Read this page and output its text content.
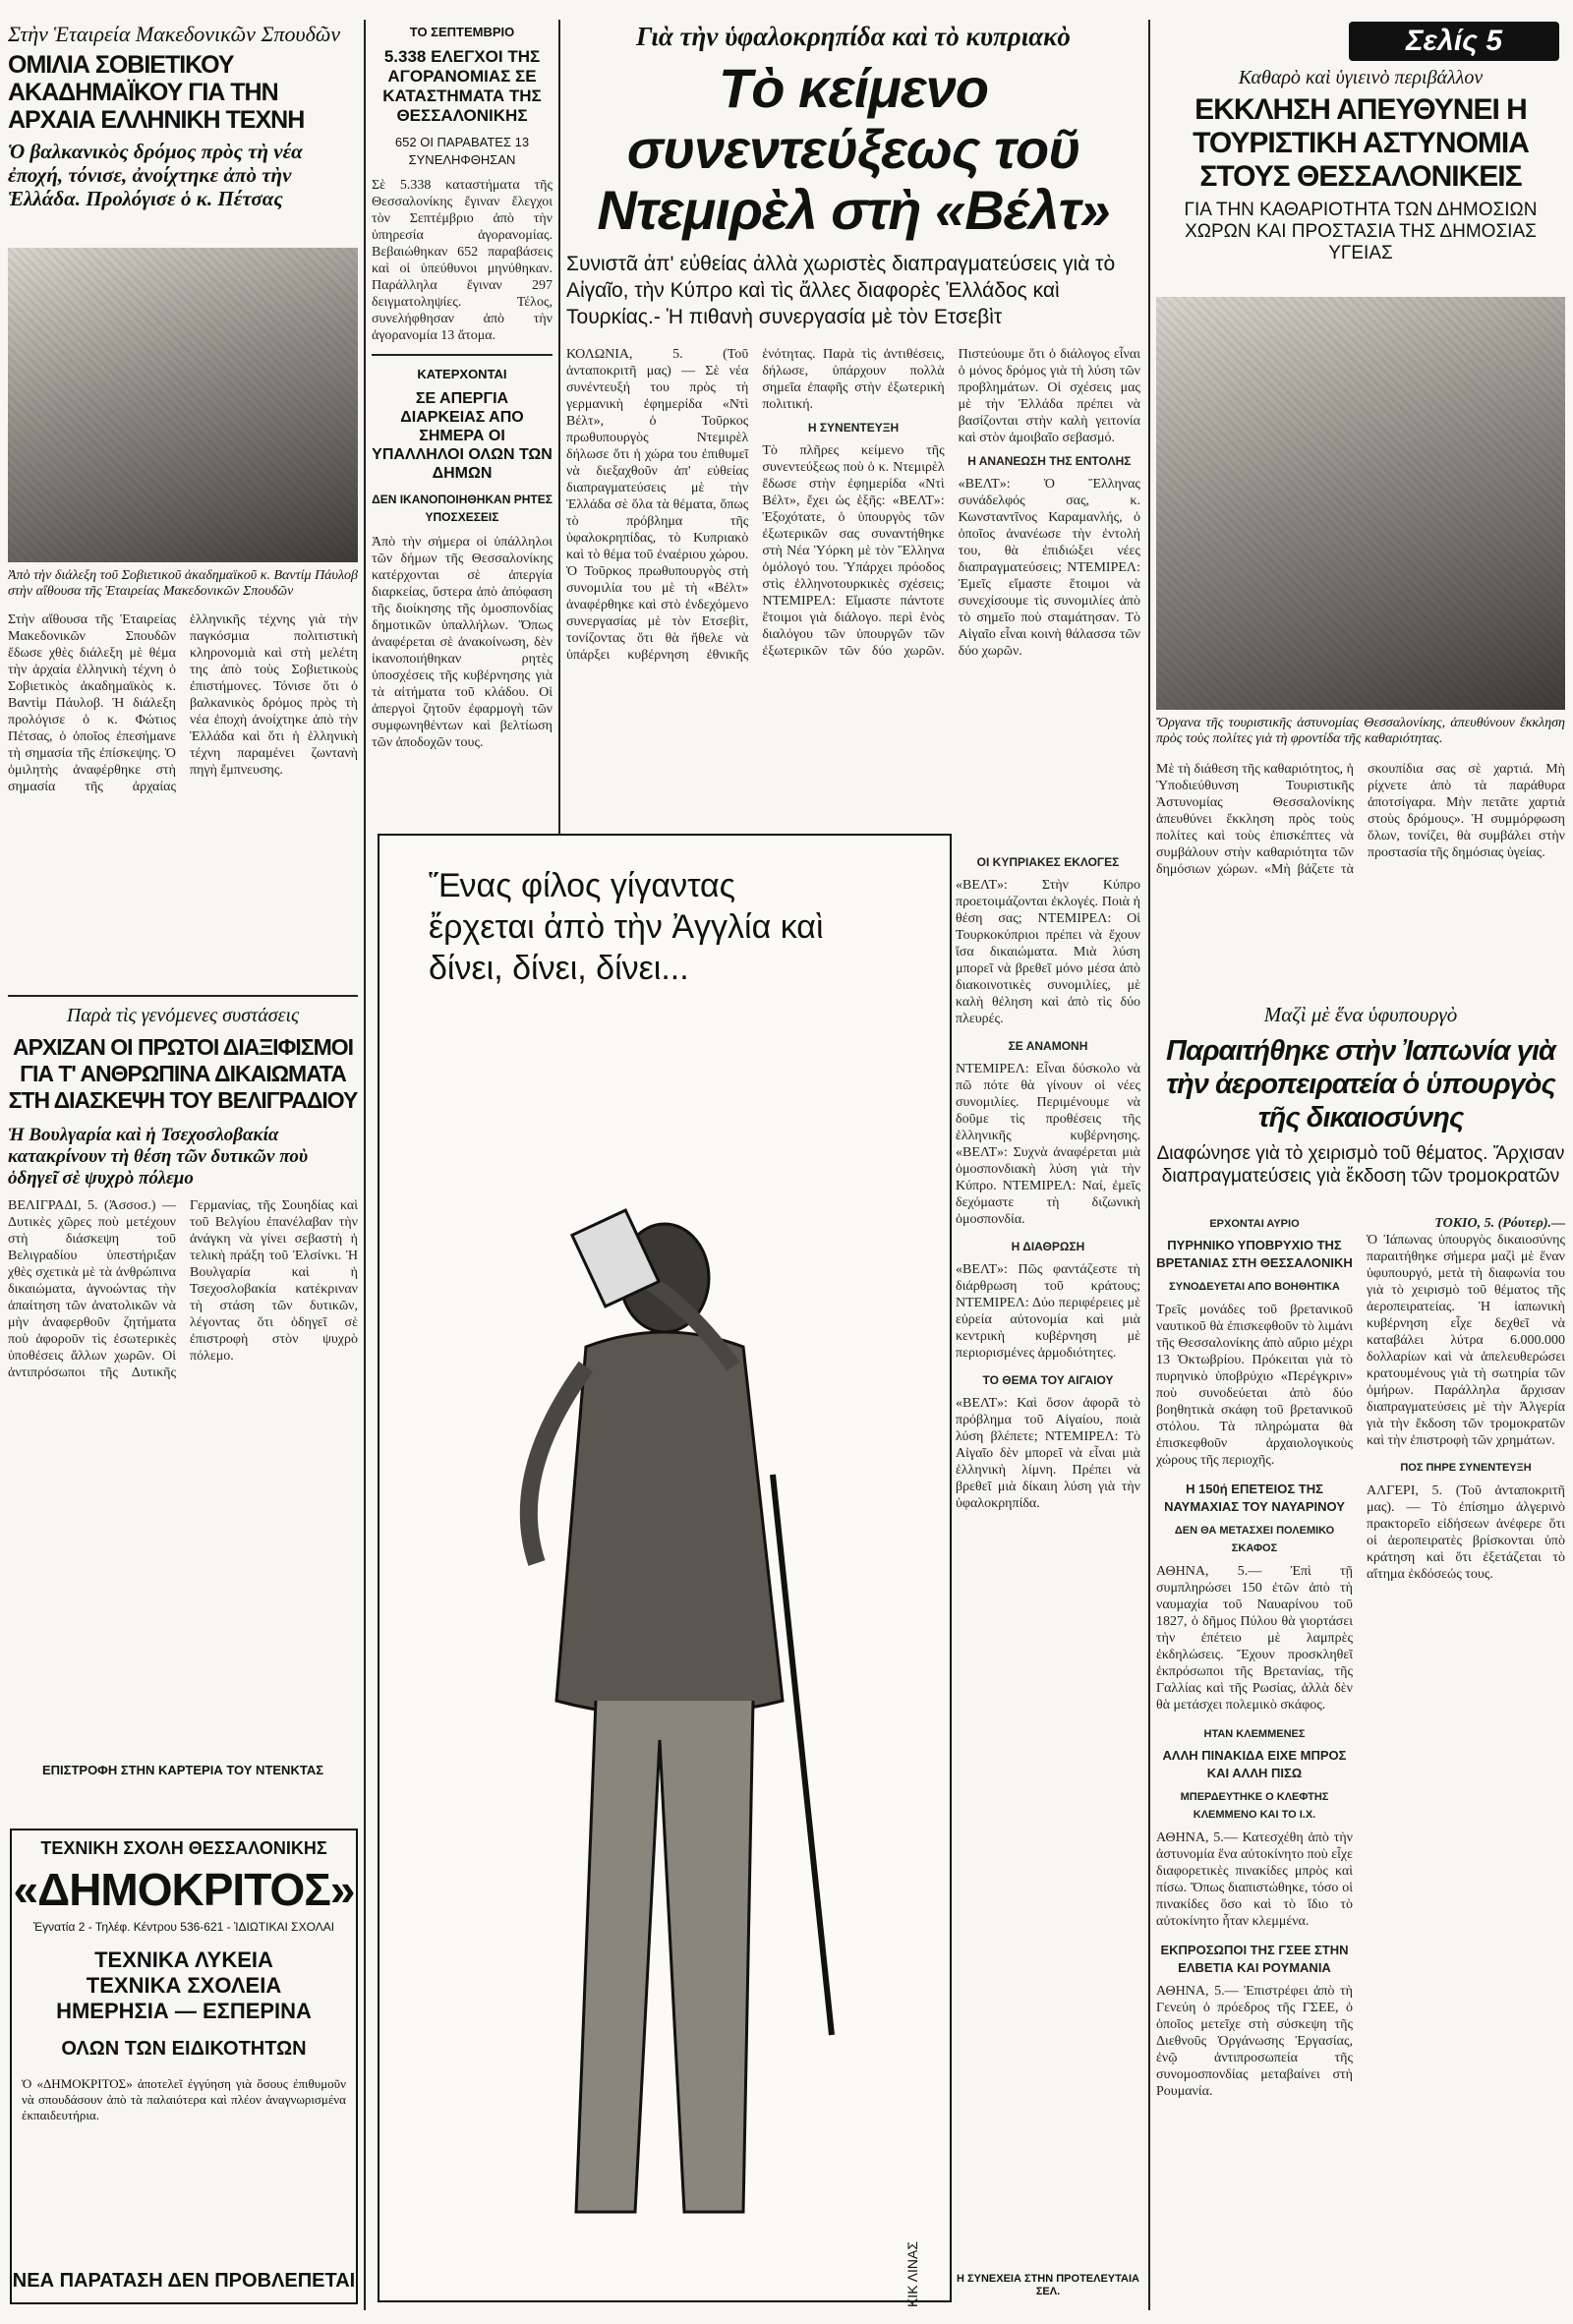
Σελίς 5
Στὴν Ἑταιρεία Μακεδονικῶν Σπουδῶν
ΟΜΙΛΙΑ ΣΟΒΙΕΤΙΚΟΥ ΑΚΑΔΗΜΑΪΚΟΥ ΓΙΑ ΤΗΝ ΑΡΧΑΙΑ ΕΛΛΗΝΙΚΗ ΤΕΧΝΗ
Ὁ βαλκανικὸς δρόμος πρὸς τὴ νέα ἐποχή, τόνισε, ἀνοίχτηκε ἀπὸ τὴν Ἑλλάδα. Προλόγισε ὁ κ. Πέτσας
Ἀπὸ τὴν διάλεξη τοῦ Σοβιετικοῦ ἀκαδημαϊκοῦ κ. Βαντίμ Πάυλοβ στὴν αἴθουσα τῆς Ἑταιρείας Μακεδονικῶν Σπουδῶν
Στὴν αἴθουσα τῆς Ἑταιρείας Μακεδονικῶν Σπουδῶν ἔδωσε χθὲς διάλεξη μὲ θέμα τὴν ἀρχαία ἑλληνικὴ τέχνη ὁ Σοβιετικὸς ἀκαδημαϊκὸς κ. Βαντὶμ Πάυλοβ. Ἡ διάλεξη προλόγισε ὁ κ. Φώτιος Πέτσας, ὁ ὁποῖος ἐπεσήμανε τὴ σημασία τῆς ἐπίσκεψης. Ὁ ὁμιλητὴς ἀναφέρθηκε στὴ σημασία τῆς ἀρχαίας ἑλληνικῆς τέχνης γιὰ τὴν παγκόσμια πολιτιστικὴ κληρονομιὰ καὶ στὴ μελέτη της ἀπὸ τοὺς Σοβιετικοὺς ἐπιστήμονες. Τόνισε ὅτι ὁ βαλκανικὸς δρόμος πρὸς τὴ νέα ἐποχὴ ἀνοίχτηκε ἀπὸ τὴν Ἑλλάδα καὶ ὅτι ἡ ἑλληνικὴ τέχνη παραμένει ζωντανὴ πηγὴ ἔμπνευσης.
Παρὰ τὶς γενόμενες συστάσεις
ΑΡΧΙΖΑΝ ΟΙ ΠΡΩΤΟΙ ΔΙΑΞΙΦΙΣΜΟΙ ΓΙΑ Τ' ΑΝΘΡΩΠΙΝΑ ΔΙΚΑΙΩΜΑΤΑ ΣΤΗ ΔΙΑΣΚΕΨΗ ΤΟΥ ΒΕΛΙΓΡΑΔΙΟΥ
Ἡ Βουλγαρία καὶ ἡ Τσεχοσλοβακία κατακρίνουν τὴ θέση τῶν δυτικῶν ποὺ ὁδηγεῖ σὲ ψυχρὸ πόλεμο
ΒΕΛΙΓΡΑΔΙ, 5. (Ἀσσοσ.) — Δυτικὲς χῶρες ποὺ μετέχουν στὴ διάσκεψη τοῦ Βελιγραδίου ὑπεστήριξαν χθὲς σχετικὰ μὲ τὰ ἀνθρώπινα δικαιώματα, ἀγνοώντας τὴν ἀπαίτηση τῶν ἀνατολικῶν νὰ μὴν ἀναφερθοῦν ζητήματα ποὺ ἀφοροῦν τὶς ἐσωτερικὲς ὑποθέσεις ἄλλων χωρῶν. Οἱ ἀντιπρόσωποι τῆς Δυτικῆς Γερμανίας, τῆς Σουηδίας καὶ τοῦ Βελγίου ἐπανέλαβαν τὴν ἀνάγκη νὰ γίνει σεβαστὴ ἡ τελικὴ πράξη τοῦ Ἑλσίνκι. Ἡ Βουλγαρία καὶ ἡ Τσεχοσλοβακία κατέκριναν τὴ στάση τῶν δυτικῶν, λέγοντας ὅτι ὁδηγεῖ σὲ ἐπιστροφὴ στὸν ψυχρὸ πόλεμο.
ΕΠΙΣΤΡΟΦΗ ΣΤΗΝ ΚΑΡΤΕΡΙΑ ΤΟΥ ΝΤΕΝΚΤΑΣ
ΤΕΧΝΙΚΗ ΣΧΟΛΗ ΘΕΣΣΑΛΟΝΙΚΗΣ
«ΔΗΜΟΚΡΙΤΟΣ»
Ἐγνατία 2 - Τηλέφ. Κέντρου 536-621 - ἸΔΙΩΤΙΚΑΙ ΣΧΟΛΑΙ
ΤΕΧΝΙΚΑ ΛΥΚΕΙΑ
ΤΕΧΝΙΚΑ ΣΧΟΛΕΙΑ
ΗΜΕΡΗΣΙΑ — ΕΣΠΕΡΙΝΑ
ΟΛΩΝ ΤΩΝ ΕΙΔΙΚΟΤΗΤΩΝ
Ὁ «ΔΗΜΟΚΡΙΤΟΣ» ἀποτελεῖ ἐγγύηση γιὰ ὅσους ἐπιθυμοῦν νὰ σπουδάσουν ἀπὸ τὰ παλαιότερα καὶ πλέον ἀναγνωρισμένα ἐκπαιδευτήρια.
ΝΕΑ ΠΑΡΑΤΑΣΗ ΔΕΝ ΠΡΟΒΛΕΠΕΤΑΙ
ΤΟ ΣΕΠΤΕΜΒΡΙΟ
5.338 ΕΛΕΓΧΟΙ ΤΗΣ ΑΓΟΡΑΝΟΜΙΑΣ ΣΕ ΚΑΤΑΣΤΗΜΑΤΑ ΤΗΣ ΘΕΣΣΑΛΟΝΙΚΗΣ
652 ΟΙ ΠΑΡΑΒΑΤΕΣ 13 ΣΥΝΕΛΗΦΘΗΣΑΝ
Σὲ 5.338 καταστήματα τῆς Θεσσαλονίκης ἔγιναν ἔλεγχοι τὸν Σεπτέμβριο ἀπὸ τὴν ὑπηρεσία ἀγορανομίας. Βεβαιώθηκαν 652 παραβάσεις καὶ οἱ ὑπεύθυνοι μηνύθηκαν. Παράλληλα ἔγιναν 297 δειγματοληψίες. Τέλος, συνελήφθησαν ἀπὸ τὴν ἀγορανομία 13 ἄτομα.
ΚΑΤΕΡΧΟΝΤΑΙ
ΣΕ ΑΠΕΡΓΙΑ ΔΙΑΡΚΕΙΑΣ ΑΠΟ ΣΗΜΕΡΑ ΟΙ ΥΠΑΛΛΗΛΟΙ ΟΛΩΝ ΤΩΝ ΔΗΜΩΝ
ΔΕΝ ΙΚΑΝΟΠΟΙΗΘΗΚΑΝ ΡΗΤΕΣ ΥΠΟΣΧΕΣΕΙΣ
Ἀπὸ τὴν σήμερα οἱ ὑπάλληλοι τῶν δήμων τῆς Θεσσαλονίκης κατέρχονται σὲ ἀπεργία διαρκείας, ὕστερα ἀπὸ ἀπόφαση τῆς διοίκησης τῆς ὁμοσπονδίας δημοτικῶν ὑπαλλήλων. Ὅπως ἀναφέρεται σὲ ἀνακοίνωση, δὲν ἱκανοποιήθηκαν ρητὲς ὑποσχέσεις τῆς κυβέρνησης γιὰ τὰ αἰτήματα τοῦ κλάδου. Οἱ ἀπεργοὶ ζητοῦν ἐφαρμογὴ τῶν συμφωνηθέντων καὶ βελτίωση τῶν ἀποδοχῶν τους.
Γιὰ τὴν ὑφαλοκρηπίδα καὶ τὸ κυπριακὸ
Τὸ κείμενο συνεντεύξεως τοῦ Ντεμιρὲλ στὴ «Βέλτ»
Συνιστᾶ ἀπ' εὐθείας ἀλλὰ χωριστὲς διαπραγματεύσεις γιὰ τὸ Αἰγαῖο, τὴν Κύπρο καὶ τὶς ἄλλες διαφορὲς Ἑλλάδος καὶ Τουρκίας.- Ἡ πιθανὴ συνεργασία μὲ τὸν Ετσεβὶτ
ΚΟΛΩΝΙΑ, 5. (Τοῦ ἀνταποκριτῆ μας) — Σὲ νέα συνέντευξή του πρὸς τὴ γερμανικὴ ἐφημερίδα «Ντὶ Βέλτ», ὁ Τοῦρκος πρωθυπουργὸς Ντεμιρὲλ δήλωσε ὅτι ἡ χώρα του ἐπιθυμεῖ νὰ διεξαχθοῦν ἀπ' εὐθείας διαπραγματεύσεις μὲ τὴν Ἑλλάδα σὲ ὅλα τὰ θέματα, ὅπως τὸ πρόβλημα τῆς ὑφαλοκρηπίδας, τὸ Κυπριακὸ καὶ τὸ θέμα τοῦ ἐναέριου χώρου. Ὁ Τοῦρκος πρωθυπουργὸς στὴ συνομιλία του μὲ τὴ «Βέλτ» ἀναφέρθηκε καὶ στὸ ἐνδεχόμενο συνεργασίας μὲ τὸν Ετσεβὶτ, τονίζοντας ὅτι θὰ ἤθελε νὰ ὑπάρξει κυβέρνηση ἐθνικῆς ἑνότητας. Παρὰ τὶς ἀντιθέσεις, δήλωσε, ὑπάρχουν πολλὰ σημεῖα ἐπαφῆς στὴν ἐξωτερικὴ πολιτική.
Η ΣΥΝΕΝΤΕΥΞΗ
Τὸ πλῆρες κείμενο τῆς συνεντεύξεως ποὺ ὁ κ. Ντεμιρὲλ ἔδωσε στὴν ἐφημερίδα «Ντὶ Βέλτ», ἔχει ὡς ἑξῆς: «ΒΕΛΤ»: Ἐξοχότατε, ὁ ὑπουργὸς τῶν ἐξωτερικῶν σας συναντήθηκε στὴ Νέα Ὑόρκη μὲ τὸν Ἕλληνα ὁμόλογό του. Ὑπάρχει πρόοδος στὶς ἑλληνοτουρκικὲς σχέσεις; ΝΤΕΜΙΡΕΛ: Εἴμαστε πάντοτε ἕτοιμοι γιὰ διάλογο. περὶ ἑνὸς διαλόγου τῶν ὑπουργῶν τῶν ἐξωτερικῶν τῶν δύο χωρῶν. Πιστεύουμε ὅτι ὁ διάλογος εἶναι ὁ μόνος δρόμος γιὰ τὴ λύση τῶν προβλημάτων. Οἱ σχέσεις μας μὲ τὴν Ἑλλάδα πρέπει νὰ βασίζονται στὴν καλὴ γειτονία καὶ στὸν ἀμοιβαῖο σεβασμό.
Η ΑΝΑΝΕΩΣΗ ΤΗΣ ΕΝΤΟΛΗΣ
«ΒΕΛΤ»: Ὁ Ἕλληνας συνάδελφός σας, κ. Κωνσταντῖνος Καραμανλής, ὁ ὁποῖος ἀνανέωσε τὴν ἐντολή του, θὰ ἐπιδιώξει νέες διαπραγματεύσεις; ΝΤΕΜΙΡΕΛ: Ἐμεῖς εἴμαστε ἕτοιμοι νὰ συνεχίσουμε τὶς συνομιλίες ἀπὸ τὸ σημεῖο ποὺ σταμάτησαν. Τὸ Αἰγαῖο εἶναι κοινὴ θάλασσα τῶν δύο χωρῶν.
ΟΙ ΚΥΠΡΙΑΚΕΣ ΕΚΛΟΓΕΣ
«ΒΕΛΤ»: Στὴν Κύπρο προετοιμάζονται ἐκλογές. Ποιὰ ἡ θέση σας; ΝΤΕΜΙΡΕΛ: Οἱ Τουρκοκύπριοι πρέπει νὰ ἔχουν ἴσα δικαιώματα. Μιὰ λύση μπορεῖ νὰ βρεθεῖ μόνο μέσα ἀπὸ διακοινοτικὲς συνομιλίες, μὲ καλὴ θέληση καὶ ἀπὸ τὶς δύο πλευρές.
ΣΕ ΑΝΑΜΟΝΗ
ΝΤΕΜΙΡΕΛ: Εἶναι δύσκολο νὰ πῶ πότε θὰ γίνουν οἱ νέες συνομιλίες. Περιμένουμε νὰ δοῦμε τὶς προθέσεις τῆς ἑλληνικῆς κυβέρνησης. «ΒΕΛΤ»: Συχνὰ ἀναφέρεται μιὰ ὁμοσπονδιακὴ λύση γιὰ τὴν Κύπρο. ΝΤΕΜΙΡΕΛ: Ναί, ἐμεῖς δεχόμαστε τὴ διζωνικὴ ὁμοσπονδία.
Η ΔΙΑΘΡΩΣΗ
«ΒΕΛΤ»: Πῶς φαντάζεστε τὴ διάρθρωση τοῦ κράτους; ΝΤΕΜΙΡΕΛ: Δύο περιφέρειες μὲ εὐρεία αὐτονομία καὶ μιὰ κεντρικὴ κυβέρνηση μὲ περιορισμένες ἁρμοδιότητες.
ΤΟ ΘΕΜΑ ΤΟΥ ΑΙΓΑΙΟΥ
«ΒΕΛΤ»: Καὶ ὅσον ἀφορᾶ τὸ πρόβλημα τοῦ Αἰγαίου, ποιὰ λύση βλέπετε; ΝΤΕΜΙΡΕΛ: Τὸ Αἰγαῖο δὲν μπορεῖ νὰ εἶναι μιὰ ἑλληνικὴ λίμνη. Πρέπει νὰ βρεθεῖ μιὰ δίκαιη λύση γιὰ τὴν ὑφαλοκρηπίδα.
Η ΣΥΝΕΧΕΙΑ ΣΤΗΝ ΠΡΟΤΕΛΕΥΤΑΙΑ ΣΕΛ.
Ἕνας φίλος γίγαντας ἔρχεται ἀπὸ τὴν Ἀγγλία καὶ δίνει, δίνει, δίνει...
ΚΙΚ ΛΙΝΑΣ
Καθαρὸ καὶ ὑγιεινὸ περιβάλλον
ΕΚΚΛΗΣΗ ΑΠΕΥΘΥΝΕΙ Η ΤΟΥΡΙΣΤΙΚΗ ΑΣΤΥΝΟΜΙΑ ΣΤΟΥΣ ΘΕΣΣΑΛΟΝΙΚΕΙΣ
ΓΙΑ ΤΗΝ ΚΑΘΑΡΙΟΤΗΤΑ ΤΩΝ ΔΗΜΟΣΙΩΝ ΧΩΡΩΝ ΚΑΙ ΠΡΟΣΤΑΣΙΑ ΤΗΣ ΔΗΜΟΣΙΑΣ ΥΓΕΙΑΣ
Ὄργανα τῆς τουριστικῆς ἀστυνομίας Θεσσαλονίκης, ἀπευθύνουν ἔκκληση πρὸς τοὺς πολίτες γιὰ τὴ φροντίδα τῆς καθαριότητας.
Μὲ τὴ διάθεση τῆς καθαριότητος, ἡ Ὑποδιεύθυνση Τουριστικῆς Ἀστυνομίας Θεσσαλονίκης ἀπευθύνει ἔκκληση πρὸς τοὺς πολίτες καὶ τοὺς ἐπισκέπτες νὰ συμβάλουν στὴν καθαριότητα τῶν δημόσιων χώρων. «Μὴ βάζετε τὰ σκουπίδια σας σὲ χαρτιά. Μὴ ρίχνετε ἀπὸ τὰ παράθυρα ἀποτσίγαρα. Μὴν πετᾶτε χαρτιὰ στοὺς δρόμους». Ἡ συμμόρφωση ὅλων, τονίζει, θὰ συμβάλει στὴν προστασία τῆς δημόσιας ὑγείας.
Μαζὶ μὲ ἕνα ὑφυπουργὸ
Παραιτήθηκε στὴν Ἰαπωνία γιὰ τὴν ἀεροπειρατεία ὁ ὑπουργὸς τῆς δικαιοσύνης
Διαφώνησε γιὰ τὸ χειρισμὸ τοῦ θέματος. Ἄρχισαν διαπραγματεύσεις γιὰ ἔκδοση τῶν τρομοκρατῶν
ΕΡΧΟΝΤΑΙ ΑΥΡΙΟ
ΠΥΡΗΝΙΚΟ ΥΠΟΒΡΥΧΙΟ ΤΗΣ ΒΡΕΤΑΝΙΑΣ ΣΤΗ ΘΕΣΣΑΛΟΝΙΚΗ
ΣΥΝΟΔΕΥΕΤΑΙ ΑΠΟ ΒΟΗΘΗΤΙΚΑ
Τρεῖς μονάδες τοῦ βρετανικοῦ ναυτικοῦ θὰ ἐπισκεφθοῦν τὸ λιμάνι τῆς Θεσσαλονίκης ἀπὸ αὔριο μέχρι 13 Ὀκτωβρίου. Πρόκειται γιὰ τὸ πυρηνικὸ ὑποβρύχιο «Περέγκριν» ποὺ συνοδεύεται ἀπὸ δύο βοηθητικὰ σκάφη τοῦ βρετανικοῦ στόλου. Τὰ πληρώματα θὰ ἐπισκεφθοῦν ἀρχαιολογικοὺς χώρους τῆς περιοχῆς.
Η 150ή ΕΠΕΤΕΙΟΣ ΤΗΣ ΝΑΥΜΑΧΙΑΣ ΤΟΥ ΝΑΥΑΡΙΝΟΥ
ΔΕΝ ΘΑ ΜΕΤΑΣΧΕΙ ΠΟΛΕΜΙΚΟ ΣΚΑΦΟΣ
ΑΘΗΝΑ, 5.— Ἐπὶ τῇ συμπληρώσει 150 ἐτῶν ἀπὸ τὴ ναυμαχία τοῦ Ναυαρίνου τοῦ 1827, ὁ δῆμος Πύλου θὰ γιορτάσει τὴν ἐπέτειο μὲ λαμπρὲς ἐκδηλώσεις. Ἔχουν προσκληθεῖ ἐκπρόσωποι τῆς Βρετανίας, τῆς Γαλλίας καὶ τῆς Ρωσίας, ἀλλὰ δὲν θὰ μετάσχει πολεμικὸ σκάφος.
ΗΤΑΝ ΚΛΕΜΜΕΝΕΣ
ΑΛΛΗ ΠΙΝΑΚΙΔΑ ΕΙΧΕ ΜΠΡΟΣ ΚΑΙ ΑΛΛΗ ΠΙΣΩ
ΜΠΕΡΔΕΥΤΗΚΕ Ο ΚΛΕΦΤΗΣ ΚΛΕΜΜΕΝΟ ΚΑΙ ΤΟ Ι.Χ.
ΑΘΗΝΑ, 5.— Κατεσχέθη ἀπὸ τὴν ἀστυνομία ἕνα αὐτοκίνητο ποὺ εἶχε διαφορετικὲς πινακίδες μπρὸς καὶ πίσω. Ὅπως διαπιστώθηκε, τόσο οἱ πινακίδες ὅσο καὶ τὸ ἴδιο τὸ αὐτοκίνητο ἦταν κλεμμένα.
ΕΚΠΡΟΣΩΠΟΙ ΤΗΣ ΓΣΕΕ ΣΤΗΝ ΕΛΒΕΤΙΑ ΚΑΙ ΡΟΥΜΑΝΙΑ
ΑΘΗΝΑ, 5.— Ἐπιστρέφει ἀπὸ τὴ Γενεύη ὁ πρόεδρος τῆς ΓΣΕΕ, ὁ ὁποῖος μετεῖχε στὴ σύσκεψη τῆς Διεθνοῦς Ὀργάνωσης Ἐργασίας, ἐνῷ ἀντιπροσωπεία τῆς συνομοσπονδίας μεταβαίνει στὴ Ρουμανία.
ΤΟΚΙΟ, 5. (Ρόυτερ).—
Ὁ Ἰάπωνας ὑπουργὸς δικαιοσύνης παραιτήθηκε σήμερα μαζὶ μὲ ἕναν ὑφυπουργό, μετὰ τὴ διαφωνία του γιὰ τὸ χειρισμὸ τοῦ θέματος τῆς ἀεροπειρατείας. Ἡ ἰαπωνικὴ κυβέρνηση εἶχε δεχθεῖ νὰ καταβάλει λύτρα 6.000.000 δολλαρίων καὶ νὰ ἀπελευθερώσει κρατουμένους γιὰ τὴ σωτηρία τῶν ὁμήρων. Παράλληλα ἄρχισαν διαπραγματεύσεις μὲ τὴν Ἀλγερία γιὰ τὴν ἔκδοση τῶν τρομοκρατῶν καὶ τὴν ἐπιστροφὴ τῶν χρημάτων.
ΠΟΣ ΠΗΡΕ ΣΥΝΕΝΤΕΥΞΗ
ΑΛΓΕΡΙ, 5. (Τοῦ ἀνταποκριτῆ μας). — Τὸ ἐπίσημο ἀλγερινὸ πρακτορεῖο εἰδήσεων ἀνέφερε ὅτι οἱ ἀεροπειρατὲς βρίσκονται ὑπὸ κράτηση καὶ ὅτι ἐξετάζεται τὸ αἴτημα ἐκδόσεώς τους.
